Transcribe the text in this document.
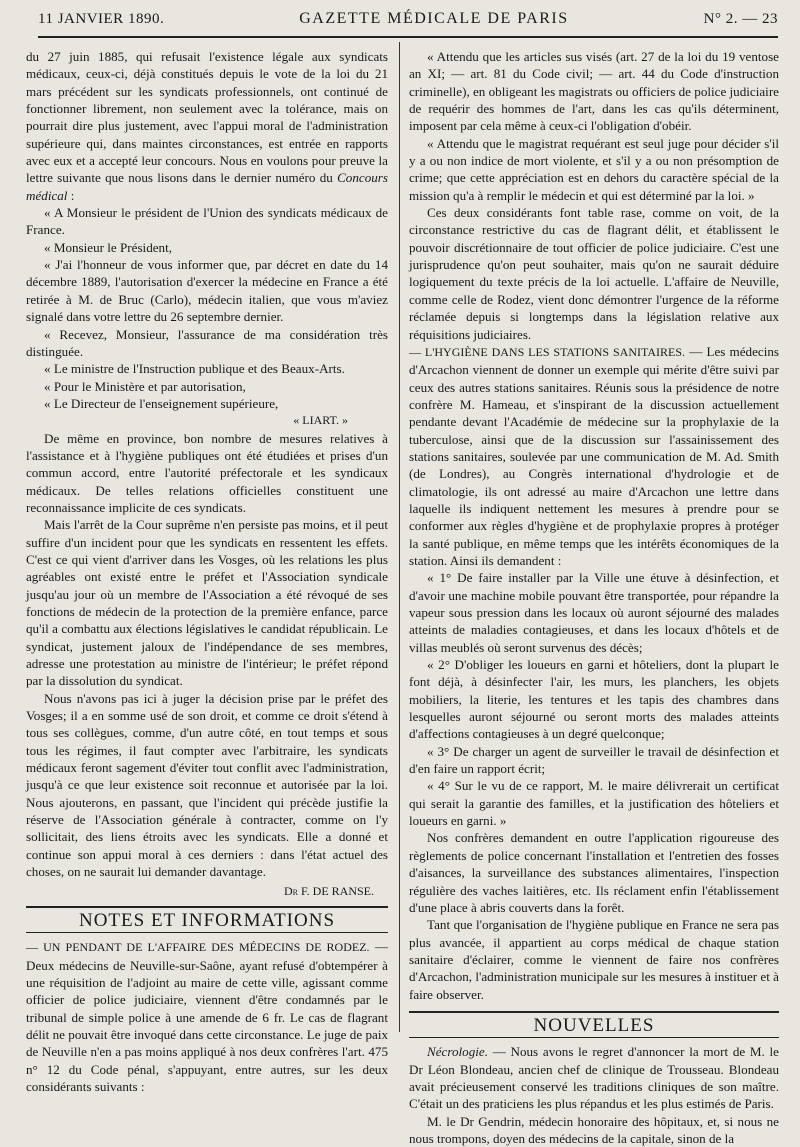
11 JANVIER 1890.	GAZETTE MÉDICALE DE PARIS	N° 2. — 23

du 27 juin 1885, qui refusait l'existence légale aux syndicats médicaux, ceux-ci, déjà constitués depuis le vote de la loi du 21 mars précédent sur les syndicats professionnels, ont continué de fonctionner librement, non seulement avec la tolérance, mais on pourrait dire plus justement, avec l'appui moral de l'administration supérieure qui, dans maintes circonstances, est entrée en rapports avec eux et a accepté leur concours. Nous en voulons pour preuve la lettre suivante que nous lisons dans le dernier numéro du Concours médical :

« A Monsieur le président de l'Union des syndicats médicaux de France.

« Monsieur le Président,

« J'ai l'honneur de vous informer que, par décret en date du 14 décembre 1889, l'autorisation d'exercer la médecine en France a été retirée à M. de Bruc (Carlo), médecin italien, que vous m'aviez signalé dans votre lettre du 26 septembre dernier.

« Recevez, Monsieur, l'assurance de ma considération très distinguée.

« Le ministre de l'Instruction publique et des Beaux-Arts.

« Pour le Ministère et par autorisation,

« Le Directeur de l'enseignement supérieure,

« LIART. »

De même en province, bon nombre de mesures relatives à l'assistance et à l'hygiène publiques ont été étudiées et prises d'un commun accord, entre l'autorité préfectorale et les syndicaux médicaux. De telles relations officielles constituent une reconnaissance implicite de ces syndicats.

Mais l'arrêt de la Cour suprême n'en persiste pas moins, et il peut suffire d'un incident pour que les syndicats en ressentent les effets. C'est ce qui vient d'arriver dans les Vosges, où les relations les plus agréables ont existé entre le préfet et l'Association syndicale jusqu'au jour où un membre de l'Association a été révoqué de ses fonctions de médecin de la protection de la première enfance, parce qu'il a combattu aux élections législatives le candidat républicain. Le syndicat, justement jaloux de l'indépendance de ses membres, adresse une protestation au ministre de l'intérieur; le préfet répond par la dissolution du syndicat.

Nous n'avons pas ici à juger la décision prise par le préfet des Vosges; il a en somme usé de son droit, et comme ce droit s'étend à tous ses collègues, comme, d'un autre côté, en tout temps et sous tous les régimes, il faut compter avec l'arbitraire, les syndicats médicaux feront sagement d'éviter tout conflit avec l'administration, jusqu'à ce que leur existence soit reconnue et autorisée par la loi. Nous ajouterons, en passant, que l'incident qui précède justifie la réserve de l'Association générale à contracter, comme on l'y sollicitait, des liens étroits avec les syndicats. Elle a donné et continue son appui moral à ces derniers : dans l'état actuel des choses, on ne saurait lui demander davantage.

Dr F. DE RANSE.

NOTES ET INFORMATIONS

— UN PENDANT DE L'AFFAIRE DES MÉDECINS DE RODEZ. — Deux médecins de Neuville-sur-Saône, ayant refusé d'obtempérer à une réquisition de l'adjoint au maire de cette ville, agissant comme officier de police judiciaire, viennent d'être condamnés par le tribunal de simple police à une amende de 6 fr. Le cas de flagrant délit ne pouvait être invoqué dans cette circonstance. Le juge de paix de Neuville n'en a pas moins appliqué à nos deux confrères l'art. 475 n° 12 du Code pénal, s'appuyant, entre autres, sur les deux considérants suivants :

« Attendu que les articles sus visés (art. 27 de la loi du 19 ventose an XI; — art. 81 du Code civil; — art. 44 du Code d'instruction criminelle), en obligeant les magistrats ou officiers de police judiciaire de requérir des hommes de l'art, dans les cas qu'ils déterminent, imposent par cela même à ceux-ci l'obligation d'obéir.

« Attendu que le magistrat requérant est seul juge pour décider s'il y a ou non indice de mort violente, et s'il y a ou non présomption de crime; que cette appréciation est en dehors du caractère spécial de la mission qu'a à remplir le médecin et qui est déterminé par la loi. »

Ces deux considérants font table rase, comme on voit, de la circonstance restrictive du cas de flagrant délit, et établissent le pouvoir discrétionnaire de tout officier de police judiciaire. C'est une jurisprudence qu'on peut souhaiter, mais qu'on ne saurait déduire logiquement du texte précis de la loi actuelle. L'affaire de Neuville, comme celle de Rodez, vient donc démontrer l'urgence de la réforme réclamée depuis si longtemps dans la législation relative aux réquisitions judiciaires.

— L'HYGIÈNE DANS LES STATIONS SANITAIRES. — Les médecins d'Arcachon viennent de donner un exemple qui mérite d'être suivi par ceux des autres stations sanitaires. Réunis sous la présidence de notre confrère M. Hameau, et s'inspirant de la discussion actuellement pendante devant l'Académie de médecine sur la prophylaxie de la tuberculose, ainsi que de la discussion sur l'assainissement des stations sanitaires, soulevée par une communication de M. Ad. Smith (de Londres), au Congrès international d'hydrologie et de climatologie, ils ont adressé au maire d'Arcachon une lettre dans laquelle ils indiquent nettement les mesures à prendre pour se conformer aux règles d'hygiène et de prophylaxie propres à protéger la santé publique, en même temps que les intérêts économiques de la station. Ainsi ils demandent :

« 1° De faire installer par la Ville une étuve à désinfection, et d'avoir une machine mobile pouvant être transportée, pour répandre la vapeur sous pression dans les locaux où auront séjourné des malades atteints de maladies contagieuses, et dans les locaux d'hôtels et de villas meublés où seront survenus des décès;

« 2° D'obliger les loueurs en garni et hôteliers, dont la plupart le font déjà, à désinfecter l'air, les murs, les planchers, les objets mobiliers, la literie, les tentures et les tapis des chambres dans lesquelles auront séjourné ou seront morts des malades atteints d'affections contagieuses à un degré quelconque;

« 3° De charger un agent de surveiller le travail de désinfection et d'en faire un rapport écrit;

« 4° Sur le vu de ce rapport, M. le maire délivrerait un certificat qui serait la garantie des familles, et la justification des hôteliers et loueurs en garni. »

Nos confrères demandent en outre l'application rigoureuse des règlements de police concernant l'installation et l'entretien des fosses d'aisances, la surveillance des substances alimentaires, l'inspection régulière des vaches laitières, etc. Ils réclament enfin l'établissement d'une place à abris couverts dans la forêt.

Tant que l'organisation de l'hygiène publique en France ne sera pas plus avancée, il appartient au corps médical de chaque station sanitaire d'éclairer, comme le viennent de faire nos confrères d'Arcachon, l'administration municipale sur les mesures à instituer et à faire observer.

NOUVELLES

Nécrologie. — Nous avons le regret d'annoncer la mort de M. le Dr Léon Blondeau, ancien chef de clinique de Trousseau. Blondeau avait précieusement conservé les traditions cliniques de son maître. C'était un des praticiens les plus répandus et les plus estimés de Paris.

M. le Dr Gendrin, médecin honoraire des hôpitaux, et, si nous ne nous trompons, doyen des médecins de la capitale, sinon de la
